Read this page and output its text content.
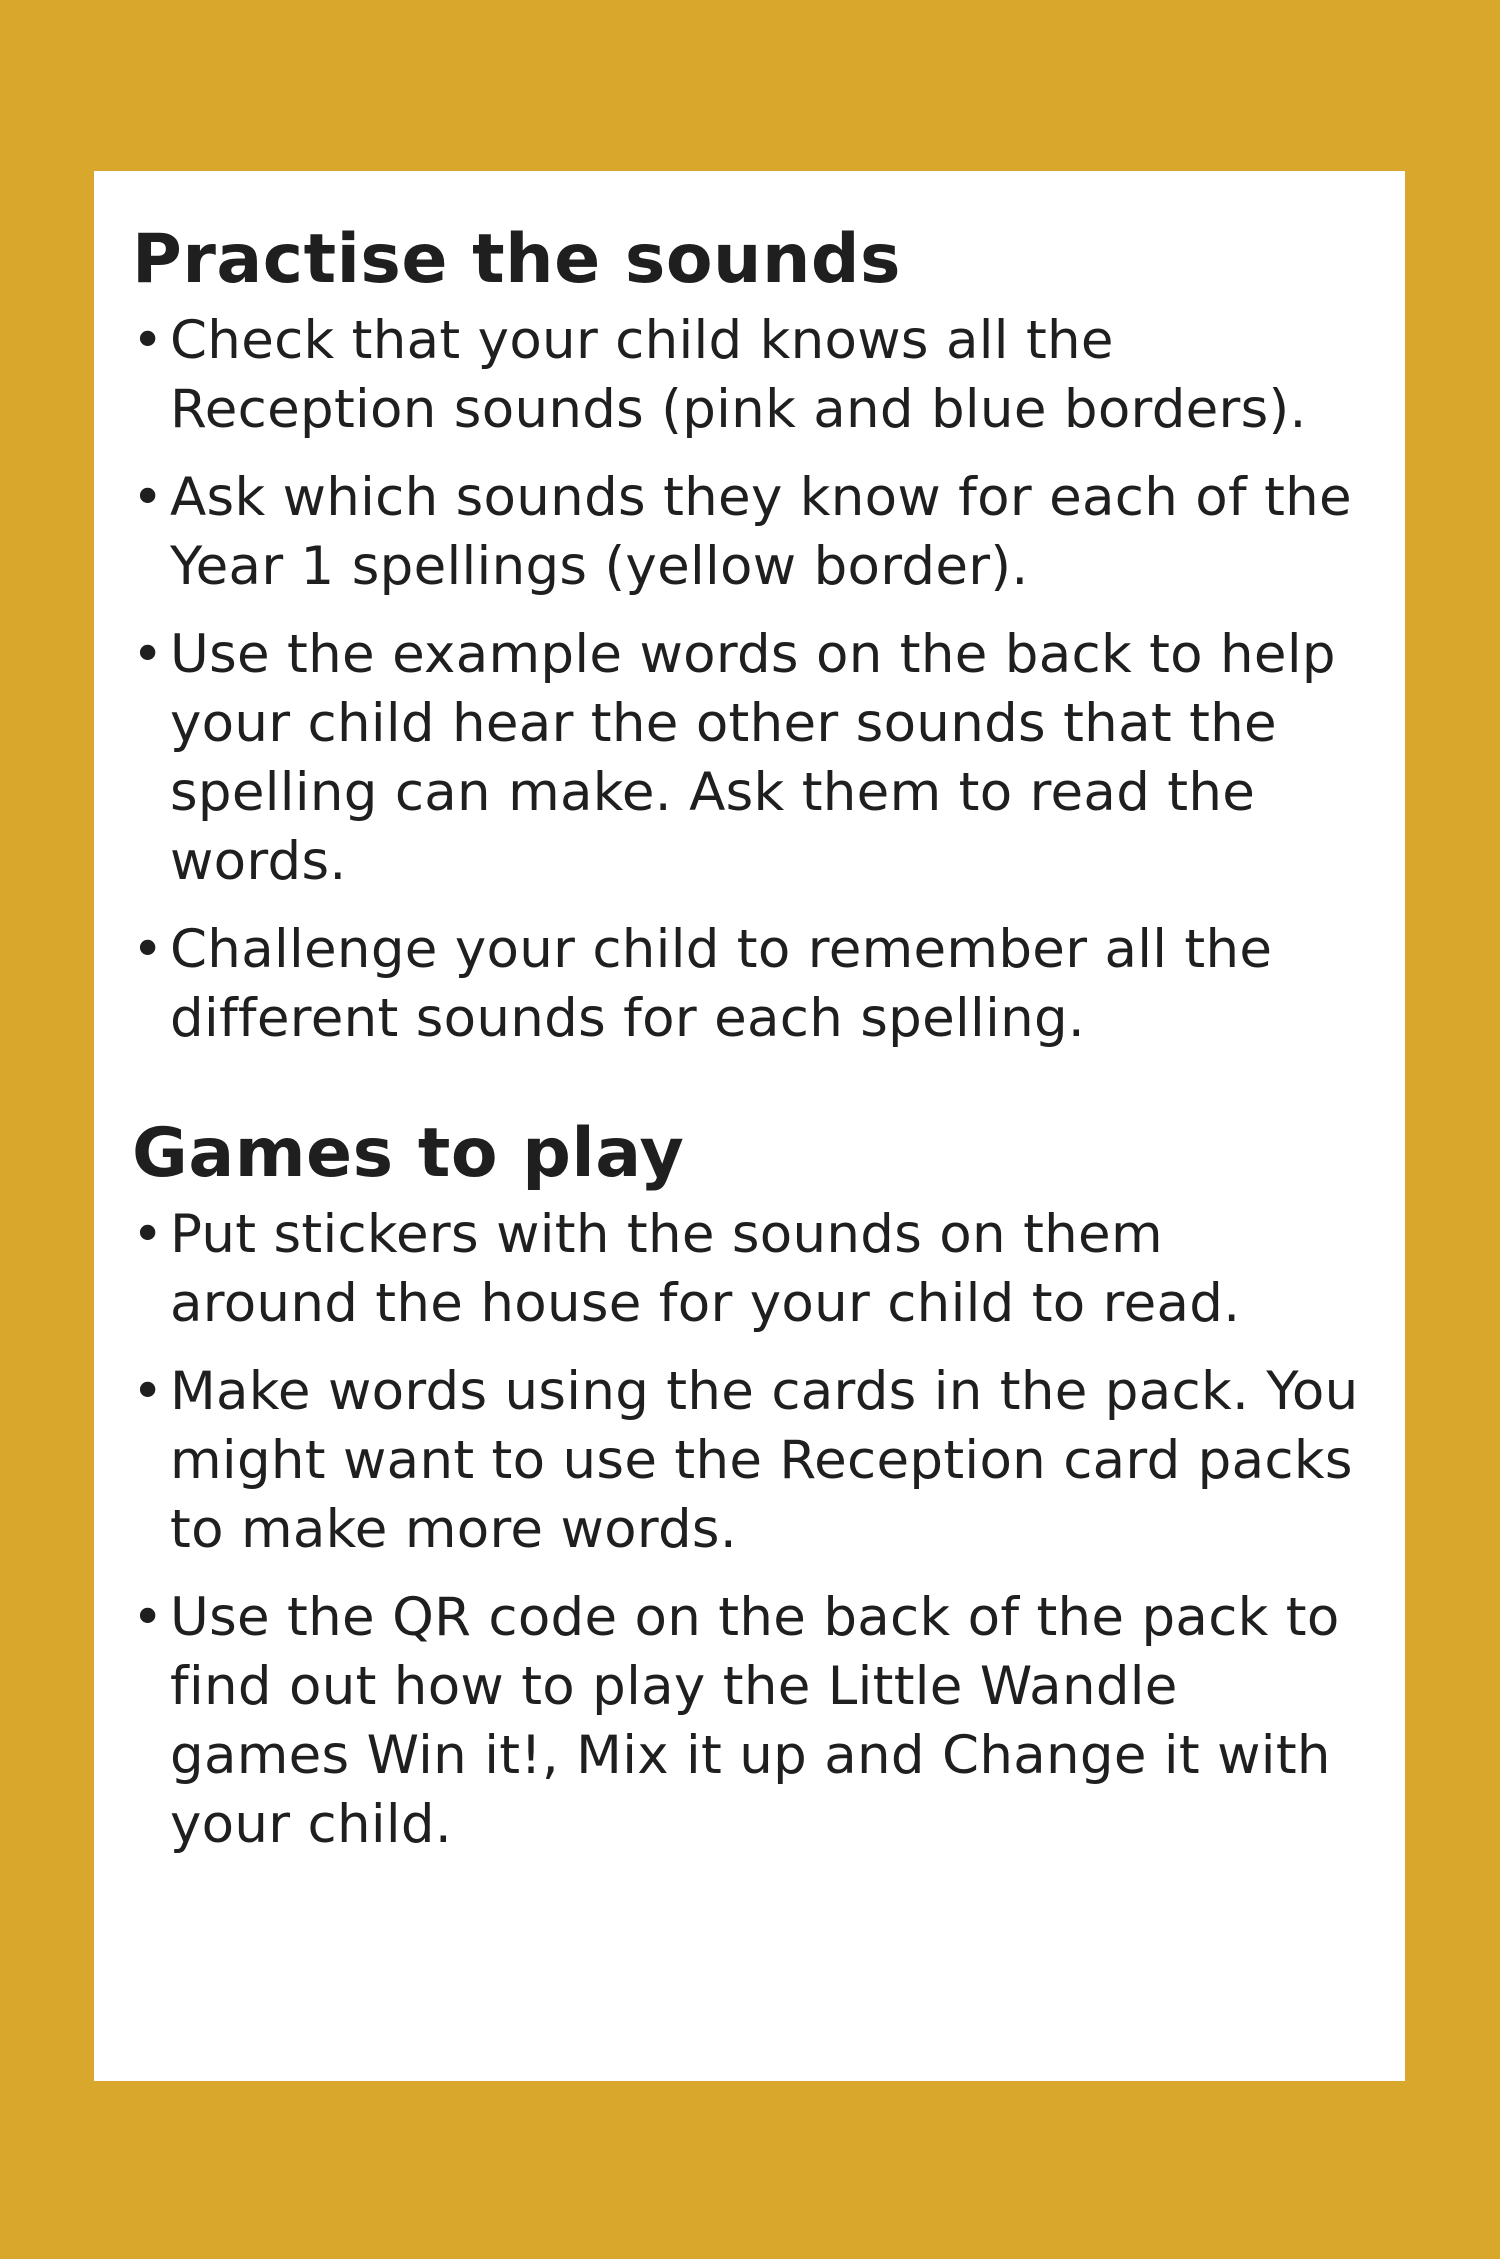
Practise the sounds
• Check that your child knows all the Reception sounds (pink and blue borders).
• Ask which sounds they know for each of the Year 1 spellings (yellow border).
• Use the example words on the back to help your child hear the other sounds that the spelling can make. Ask them to read the words.
• Challenge your child to remember all the different sounds for each spelling.
Games to play
• Put stickers with the sounds on them around the house for your child to read.
• Make words using the cards in the pack. You might want to use the Reception card packs to make more words.
• Use the QR code on the back of the pack to find out how to play the Little Wandle games Win it!, Mix it up and Change it with your child.
